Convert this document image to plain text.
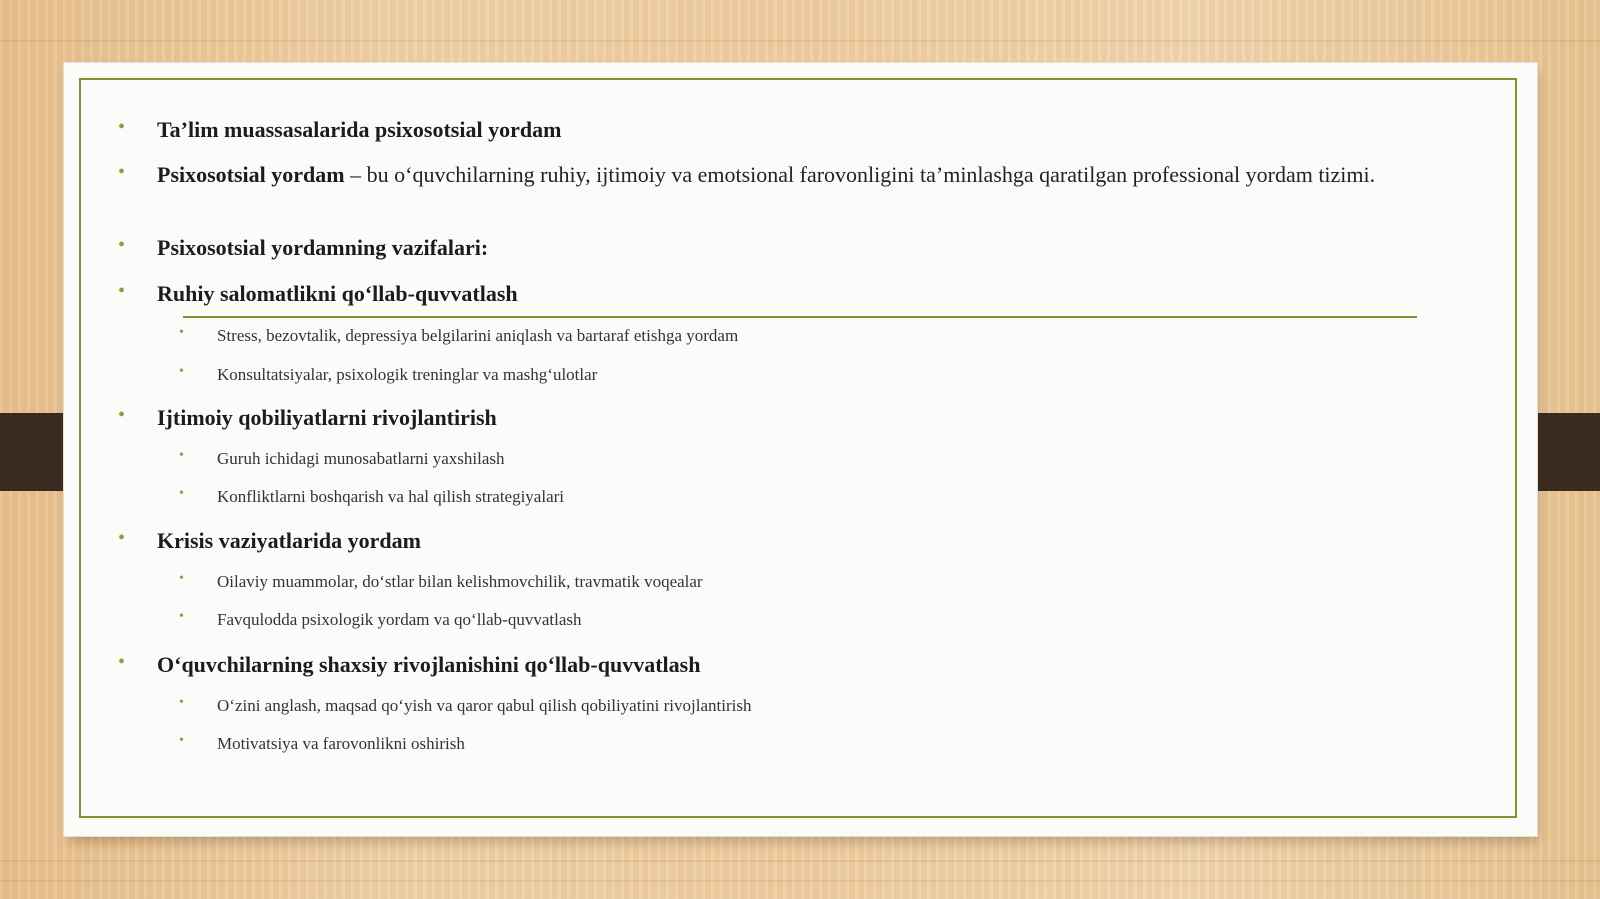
• Ta’lim muassasalarida psixosotsial yordam
• Psixosotsial yordam – bu o‘quvchilarning ruhiy, ijtimoiy va emotsional farovonligini ta’minlashga qaratilgan professional yordam tizimi.
• Psixosotsial yordamning vazifalari:
• Ruhiy salomatlikni qo‘llab-quvvatlash
• Stress, bezovtalik, depressiya belgilarini aniqlash va bartaraf etishga yordam
• Konsultatsiyalar, psixologik treninglar va mashg‘ulotlar
• Ijtimoiy qobiliyatlarni rivojlantirish
• Guruh ichidagi munosabatlarni yaxshilash
• Konfliktlarni boshqarish va hal qilish strategiyalari
• Krisis vaziyatlarida yordam
• Oilaviy muammolar, do‘stlar bilan kelishmovchilik, travmatik voqealar
• Favqulodda psixologik yordam va qo‘llab-quvvatlash
• O‘quvchilarning shaxsiy rivojlanishini qo‘llab-quvvatlash
• O‘zini anglash, maqsad qo‘yish va qaror qabul qilish qobiliyatini rivojlantirish
• Motivatsiya va farovonlikni oshirish
